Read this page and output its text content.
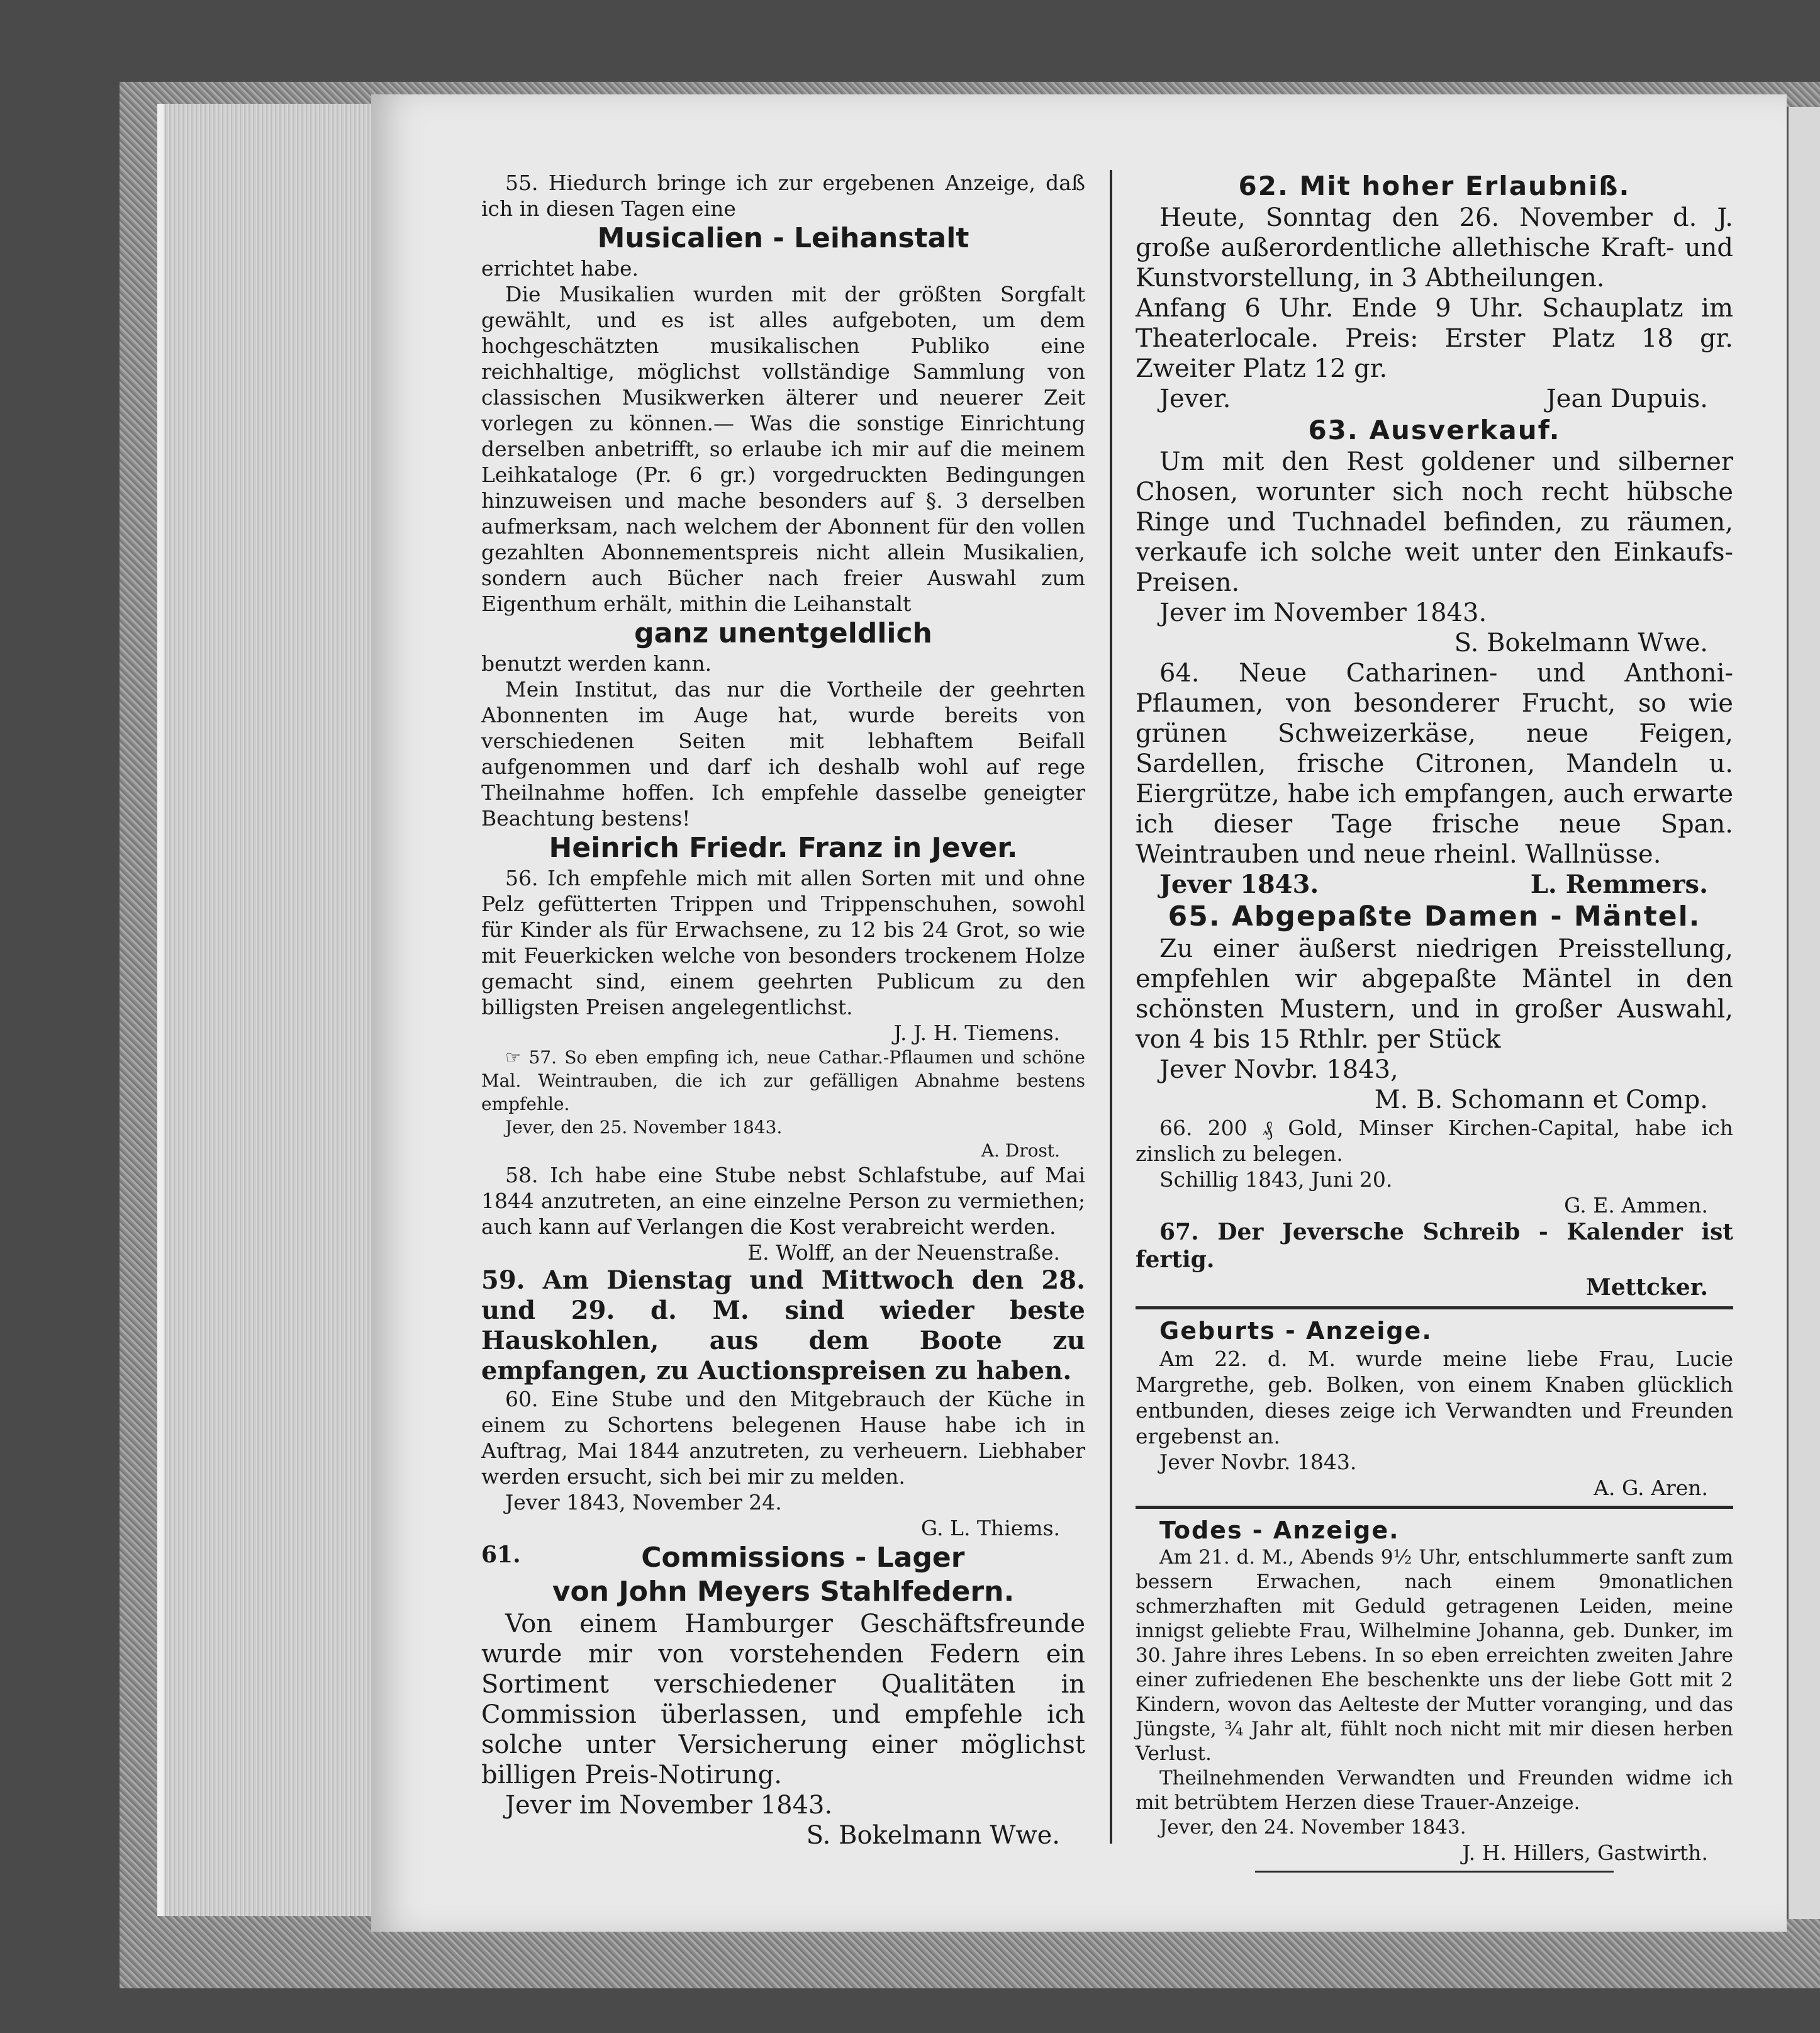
55. Hiedurch bringe ich zur ergebenen Anzeige, daß ich in diesen Tagen eine

Musicalien - Leihanstalt

errichtet habe.

Die Musikalien wurden mit der größten Sorgfalt gewählt, und es ist alles aufgeboten, um dem hochgeschätzten musikalischen Publiko eine reichhaltige, möglichst vollständige Sammlung von classischen Musikwerken älterer und neuerer Zeit vorlegen zu können.— Was die sonstige Einrichtung derselben anbetrifft, so erlaube ich mir auf die meinem Leihkataloge (Pr. 6 gr.) vorgedruckten Bedingungen hinzuweisen und mache besonders auf §. 3 derselben aufmerksam, nach welchem der Abonnent für den vollen gezahlten Abonnementspreis nicht allein Musikalien, sondern auch Bücher nach freier Auswahl zum Eigenthum erhält, mithin die Leihanstalt

ganz unentgeldlich

benutzt werden kann.

Mein Institut, das nur die Vortheile der geehrten Abonnenten im Auge hat, wurde bereits von verschiedenen Seiten mit lebhaftem Beifall aufgenommen und darf ich deshalb wohl auf rege Theilnahme hoffen. Ich empfehle dasselbe geneigter Beachtung bestens!

Heinrich Friedr. Franz in Jever.

56. Ich empfehle mich mit allen Sorten mit und ohne Pelz gefütterten Trippen und Trippenschuhen, sowohl für Kinder als für Erwachsene, zu 12 bis 24 Grot, so wie mit Feuerkicken welche von besonders trockenem Holze gemacht sind, einem geehrten Publicum zu den billigsten Preisen angelegentlichst.

J. J. H. Tiemens.

☞ 57. So eben empfing ich, neue Cathar.-Pflaumen und schöne Mal. Weintrauben, die ich zur gefälligen Abnahme bestens empfehle.

Jever, den 25. November 1843.

A. Drost.

58. Ich habe eine Stube nebst Schlafstube, auf Mai 1844 anzutreten, an eine einzelne Person zu vermiethen; auch kann auf Verlangen die Kost verabreicht werden.

E. Wolff, an der Neuenstraße.

59. Am Dienstag und Mittwoch den 28. und 29. d. M. sind wieder beste Hauskohlen, aus dem Boote zu empfangen, zu Auctionspreisen zu haben.

60. Eine Stube und den Mitgebrauch der Küche in einem zu Schortens belegenen Hause habe ich in Auftrag, Mai 1844 anzutreten, zu verheuern. Liebhaber werden ersucht, sich bei mir zu melden.

Jever 1843, November 24.

G. L. Thiems.

61.	Commissions - Lager

von John Meyers Stahlfedern.

Von einem Hamburger Geschäftsfreunde wurde mir von vorstehenden Federn ein Sortiment verschiedener Qualitäten in Commission überlassen, und empfehle ich solche unter Versicherung einer möglichst billigen Preis-Notirung.

Jever im November 1843.

S. Bokelmann Wwe.

62. Mit hoher Erlaubniß.

Heute, Sonntag den 26. November d. J. große außerordentliche allethische Kraft- und Kunstvorstellung, in 3 Abtheilungen.

Anfang 6 Uhr. Ende 9 Uhr. Schauplatz im Theaterlocale. Preis: Erster Platz 18 gr. Zweiter Platz 12 gr.

Jever.	Jean Dupuis.

63. Ausverkauf.

Um mit den Rest goldener und silberner Chosen, worunter sich noch recht hübsche Ringe und Tuchnadel befinden, zu räumen, verkaufe ich solche weit unter den Einkaufs-Preisen.

Jever im November 1843.

S. Bokelmann Wwe.

64. Neue Catharinen- und Anthoni-Pflaumen, von besonderer Frucht, so wie grünen Schweizerkäse, neue Feigen, Sardellen, frische Citronen, Mandeln u. Eiergrütze, habe ich empfangen, auch erwarte ich dieser Tage frische neue Span. Weintrauben und neue rheinl. Wallnüsse.

Jever 1843.	L. Remmers.

65. Abgepaßte Damen - Mäntel.

Zu einer äußerst niedrigen Preisstellung, empfehlen wir abgepaßte Mäntel in den schönsten Mustern, und in großer Auswahl, von 4 bis 15 Rthlr. per Stück

Jever Novbr. 1843,

M. B. Schomann et Comp.

66. 200 ₰ Gold, Minser Kirchen-Capital, habe ich zinslich zu belegen.

Schillig 1843, Juni 20.

G. E. Ammen.

67. Der Jeversche Schreib - Kalender ist fertig.

Mettcker.

Geburts - Anzeige.

Am 22. d. M. wurde meine liebe Frau, Lucie Margrethe, geb. Bolken, von einem Knaben glücklich entbunden, dieses zeige ich Verwandten und Freunden ergebenst an.

Jever Novbr. 1843.

A. G. Aren.

Todes - Anzeige.

Am 21. d. M., Abends 9½ Uhr, entschlummerte sanft zum bessern Erwachen, nach einem 9monatlichen schmerzhaften mit Geduld getragenen Leiden, meine innigst geliebte Frau, Wilhelmine Johanna, geb. Dunker, im 30. Jahre ihres Lebens. In so eben erreichten zweiten Jahre einer zufriedenen Ehe beschenkte uns der liebe Gott mit 2 Kindern, wovon das Aelteste der Mutter voranging, und das Jüngste, ¾ Jahr alt, fühlt noch nicht mit mir diesen herben Verlust.

Theilnehmenden Verwandten und Freunden widme ich mit betrübtem Herzen diese Trauer-Anzeige.

Jever, den 24. November 1843.

J. H. Hillers, Gastwirth.
